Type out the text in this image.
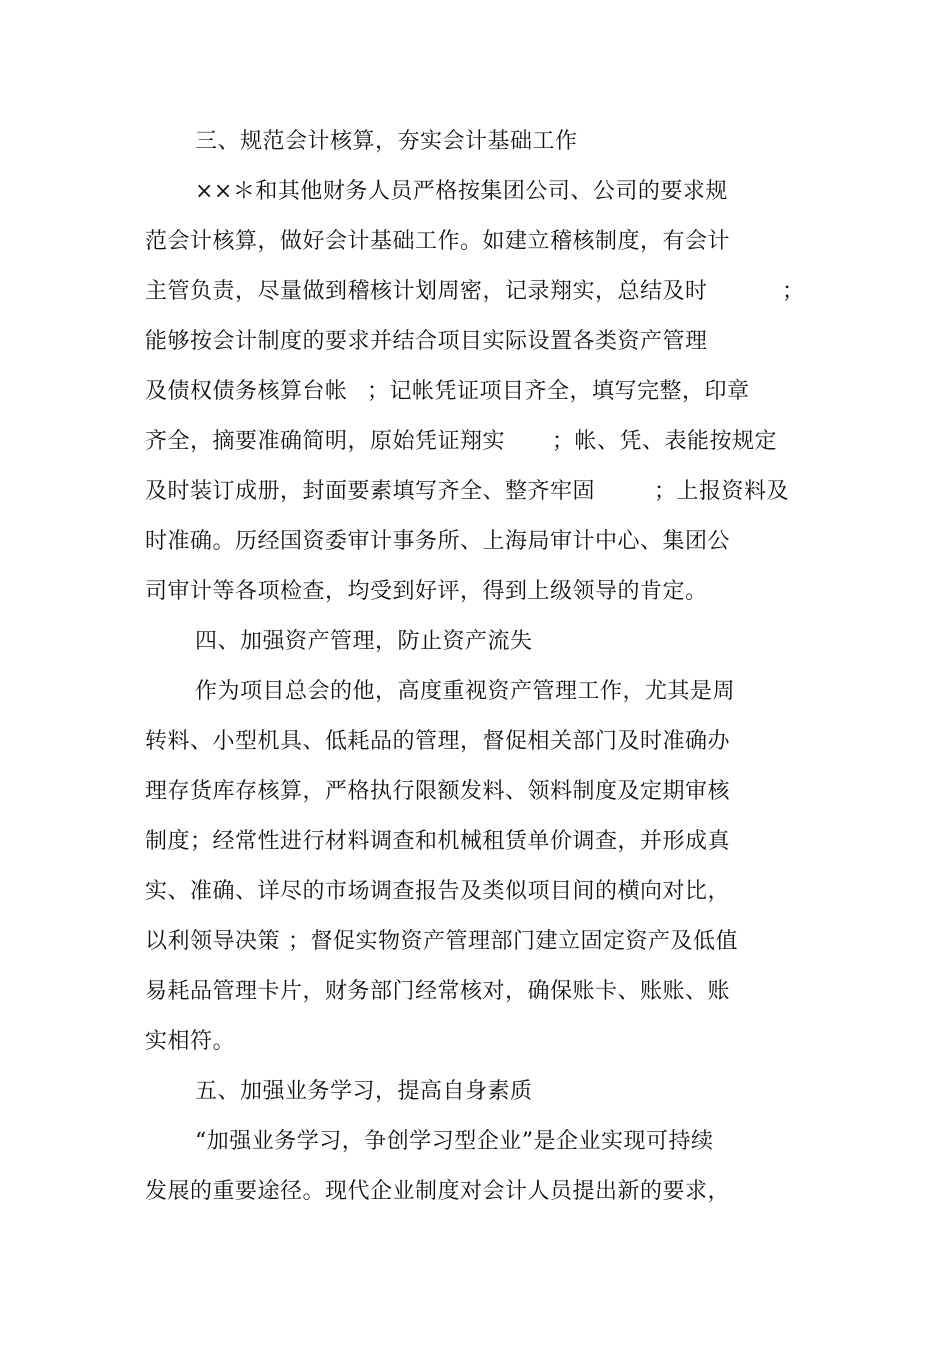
三、规范会计核算，夯实会计基础工作
××＊和其他财务人员严格按集团公司、公司的要求规
范会计核算，做好会计基础工作。如建立稽核制度，有会计
主管负责，尽量做到稽核计划周密，记录翔实，总结及时	；
能够按会计制度的要求并结合项目实际设置各类资产管理
及债权债务核算台帐 ；记帐凭证项目齐全，填写完整，印章
齐全，摘要准确简明，原始凭证翔实 ；帐、凭、表能按规定
及时装订成册，封面要素填写齐全、整齐牢固	；上报资料及
时准确。历经国资委审计事务所、上海局审计中心、集团公
司审计等各项检查，均受到好评，得到上级领导的肯定。
四、加强资产管理，防止资产流失
作为项目总会的他，高度重视资产管理工作，尤其是周
转料、小型机具、低耗品的管理，督促相关部门及时准确办
理存货库存核算，严格执行限额发料、领料制度及定期审核
制度；经常性进行材料调查和机械租赁单价调查，并形成真
实、准确、详尽的市场调查报告及类似项目间的横向对比，
以利领导决策 ；督促实物资产管理部门建立固定资产及低值
易耗品管理卡片，财务部门经常核对，确保账卡、账账、账
实相符。
五、加强业务学习，提高自身素质
“加强业务学习，争创学习型企业”是企业实现可持续
发展的重要途径。现代企业制度对会计人员提出新的要求，
